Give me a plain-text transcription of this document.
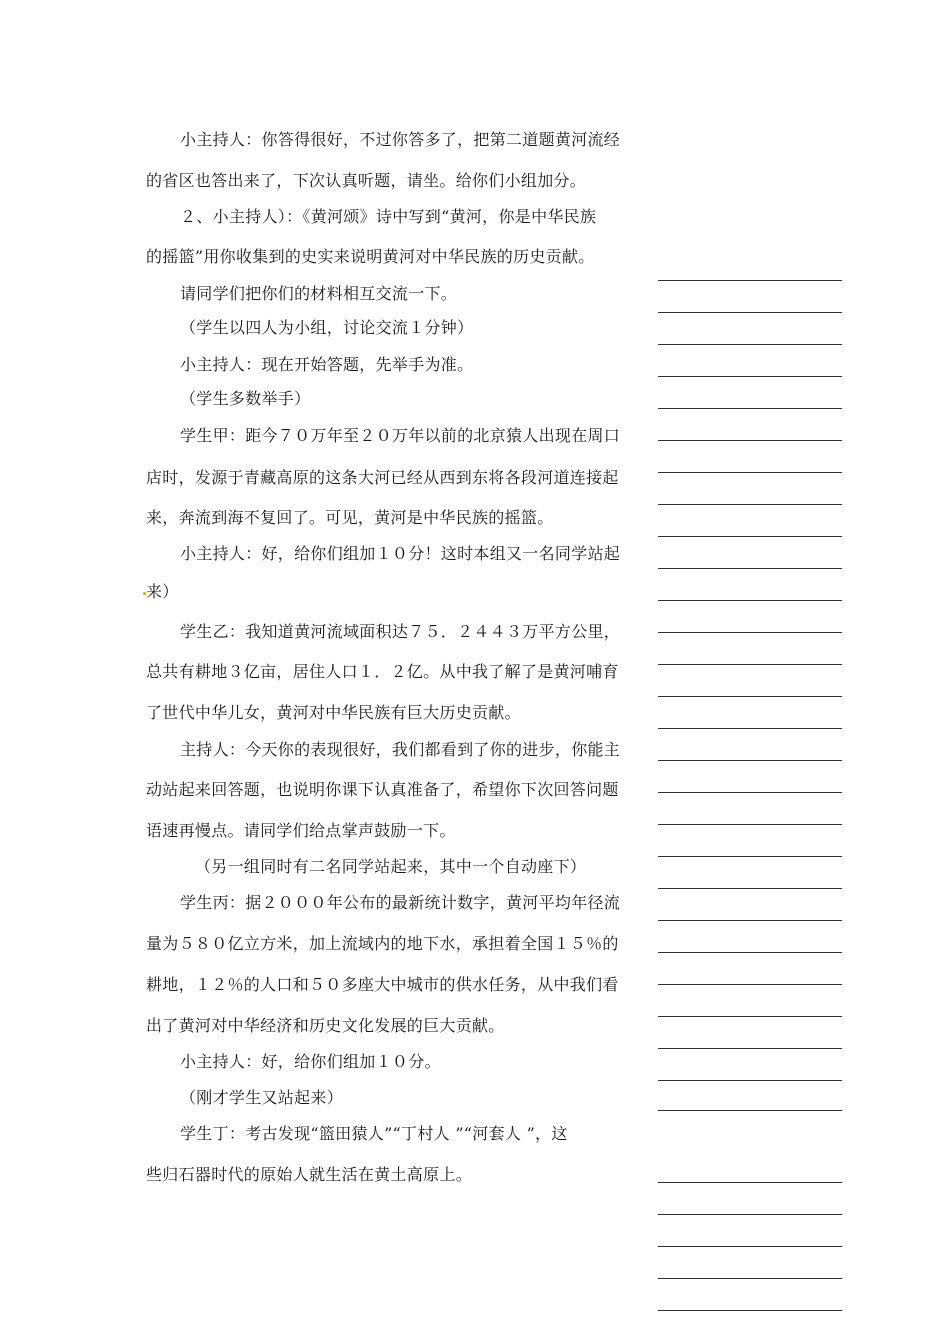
小主持人：你答得很好，不过你答多了，把第二道题黄河流经
的省区也答出来了，下次认真听题，请坐。给你们小组加分。
２、小主持人）：《黄河颂》诗中写到“黄河，你是中华民族
的摇篮”用你收集到的史实来说明黄河对中华民族的历史贡献。
请同学们把你们的材料相互交流一下。
（学生以四人为小组，讨论交流１分钟）
小主持人：现在开始答题，先举手为准。
（学生多数举手）
学生甲：距今７０万年至２０万年以前的北京猿人出现在周口
店时，发源于青藏高原的这条大河已经从西到东将各段河道连接起
来，奔流到海不复回了。可见，黄河是中华民族的摇篮。
小主持人：好，给你们组加１０分！这时本组又一名同学站起
来）
学生乙：我知道黄河流域面积达７５．２４４３万平方公里，
总共有耕地３亿亩，居住人口１．２亿。从中我了解了是黄河哺育
了世代中华儿女，黄河对中华民族有巨大历史贡献。
主持人：今天你的表现很好，我们都看到了你的进步，你能主
动站起来回答题，也说明你课下认真准备了，希望你下次回答问题
语速再慢点。请同学们给点掌声鼓励一下。
（另一组同时有二名同学站起来，其中一个自动座下）
学生丙：据２０００年公布的最新统计数字，黄河平均年径流
量为５８０亿立方米，加上流域内的地下水，承担着全国１５％的
耕地，１２％的人口和５０多座大中城市的供水任务，从中我们看
出了黄河对中华经济和历史文化发展的巨大贡献。
小主持人：好，给你们组加１０分。
（刚才学生又站起来）
学生丁：考古发现“篮田猿人”“丁村人 ”“河套人 ”，这
些归石器时代的原始人就生活在黄土高原上。
